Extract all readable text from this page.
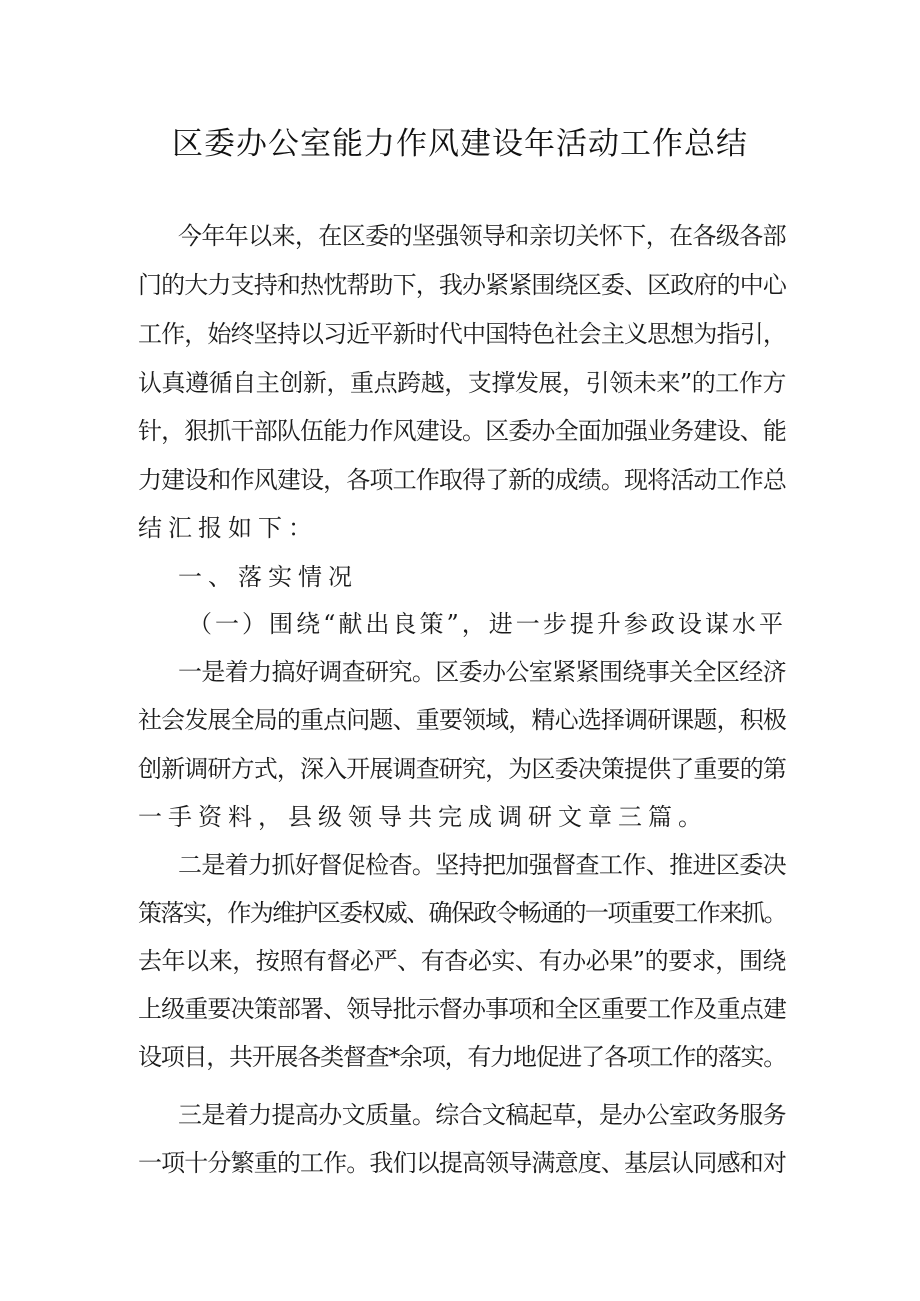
区委办公室能力作风建设年活动工作总结
今年年以来，在区委的坚强领导和亲切关怀下，在各级各部
门的大力支持和热忱帮助下，我办紧紧围绕区委、区政府的中心
工作，始终坚持以习近平新时代中国特色社会主义思想为指引，
认真遵循自主创新，重点跨越，支撑发展，引领未来”的工作方
针，狠抓干部队伍能力作风建设。区委办全面加强业务建设、能
力建设和作风建设，各项工作取得了新的成绩。现将活动工作总
结汇报如下：
一、落实情况
（一）围绕“献出良策”，进一步提升参政设谋水平
一是着力搞好调查研究。区委办公室紧紧围绕事关全区经济
社会发展全局的重点问题、重要领域，精心选择调研课题，积极
创新调研方式，深入开展调查研究，为区委决策提供了重要的第
一手资料，县级领导共完成调研文章三篇。
二是着力抓好督促检杳。坚持把加强督查工作、推进区委决
策落实，作为维护区委权威、确保政令畅通的一项重要工作来抓。
去年以来，按照有督必严、有杳必实、有办必果”的要求，围绕
上级重要决策部署、领导批示督办事项和全区重要工作及重点建
设项目，共开展各类督查*余项，有力地促进了各项工作的落实。
三是着力提高办文质量。综合文稿起草，是办公室政务服务
一项十分繁重的工作。我们以提高领导满意度、基层认同感和对
